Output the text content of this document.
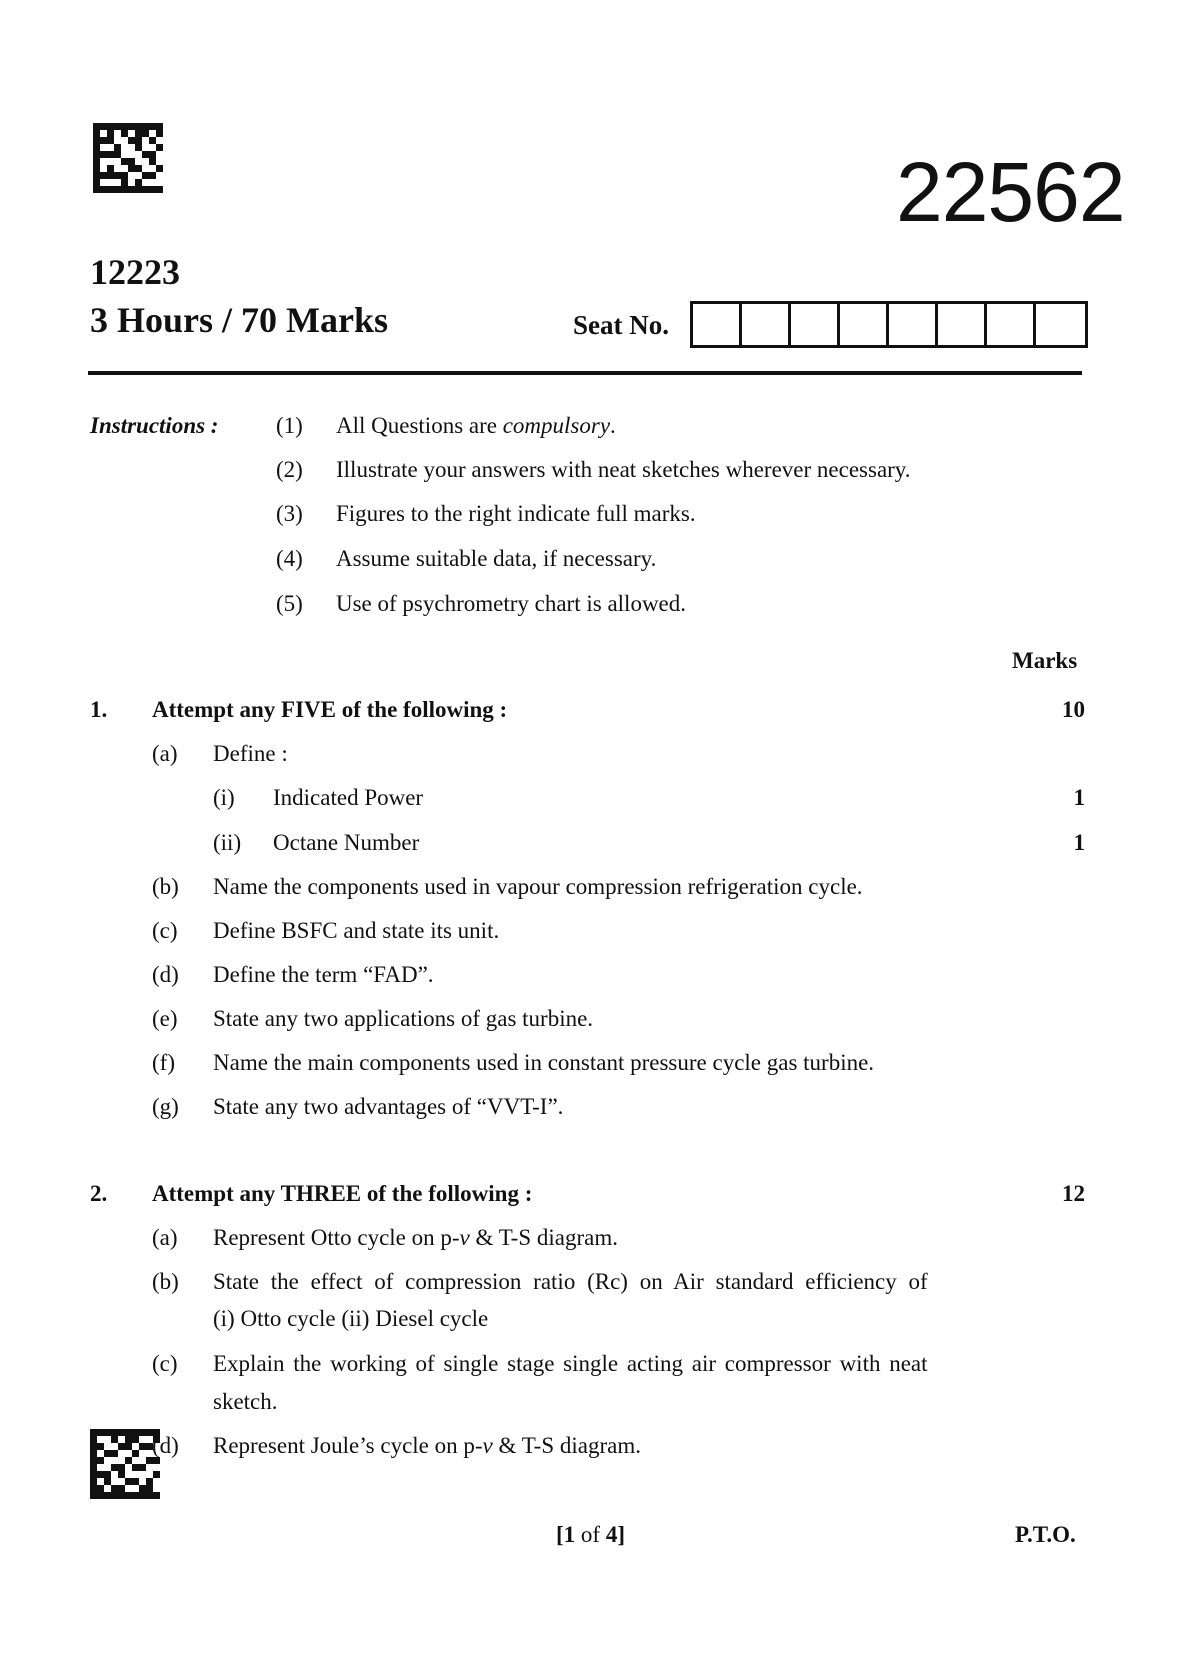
22562
12223
3 Hours / 70 Marks	Seat No.
Instructions :	(1) All Questions are compulsory.
(2) Illustrate your answers with neat sketches wherever necessary.
(3) Figures to the right indicate full marks.
(4) Assume suitable data, if necessary.
(5) Use of psychrometry chart is allowed.
Marks
1. Attempt any FIVE of the following :	10
(a) Define :
(i) Indicated Power	1
(ii) Octane Number	1
(b) Name the components used in vapour compression refrigeration cycle.
(c) Define BSFC and state its unit.
(d) Define the term “FAD”.
(e) State any two applications of gas turbine.
(f) Name the main components used in constant pressure cycle gas turbine.
(g) State any two advantages of “VVT-I”.
2. Attempt any THREE of the following :	12
(a) Represent Otto cycle on p-v & T-S diagram.
(b) State the effect of compression ratio (Rc) on Air standard efficiency of
(i) Otto cycle (ii) Diesel cycle
(c) Explain the working of single stage single acting air compressor with neat
sketch.
(d) Represent Joule’s cycle on p-v & T-S diagram.
[1 of 4]	P.T.O.
